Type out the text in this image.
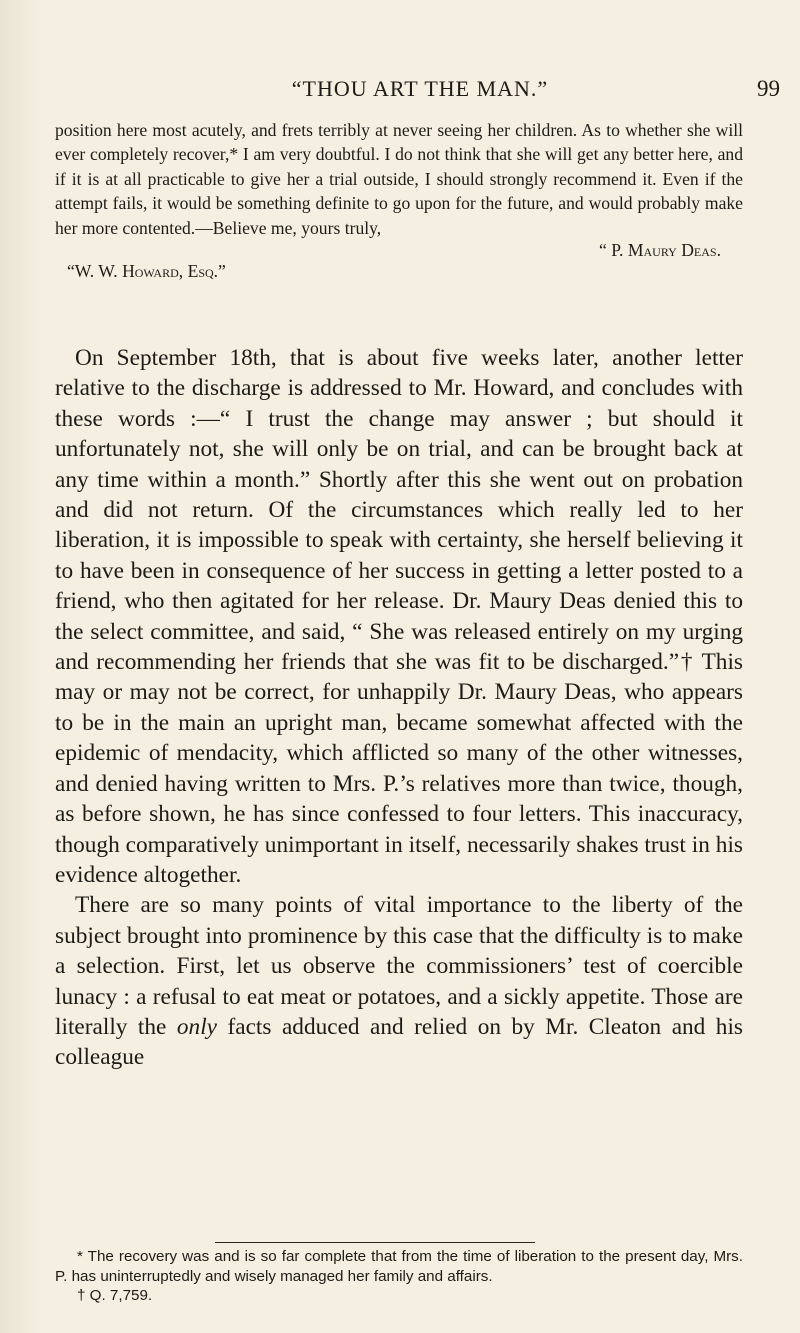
“THOU ART THE MAN.”	99

position here most acutely, and frets terribly at never seeing her children. As to whether she will ever completely recover,* I am very doubtful. I do not think that she will get any better here, and if it is at all practicable to give her a trial outside, I should strongly recommend it. Even if the attempt fails, it would be something definite to go upon for the future, and would probably make her more contented.—Believe me, yours truly,

“ P. Maury Deas.
“W. W. Howard, Esq.”

On September 18th, that is about five weeks later, another letter relative to the discharge is addressed to Mr. Howard, and concludes with these words :—“ I trust the change may answer ; but should it unfortunately not, she will only be on trial, and can be brought back at any time within a month.” Shortly after this she went out on probation and did not return. Of the circumstances which really led to her liberation, it is impossible to speak with certainty, she herself believing it to have been in consequence of her success in getting a letter posted to a friend, who then agitated for her release. Dr. Maury Deas denied this to the select committee, and said, “ She was released entirely on my urging and recommending her friends that she was fit to be discharged.”† This may or may not be correct, for unhappily Dr. Maury Deas, who appears to be in the main an upright man, became somewhat affected with the epidemic of mendacity, which afflicted so many of the other witnesses, and denied having written to Mrs. P.’s relatives more than twice, though, as before shown, he has since confessed to four letters. This inaccuracy, though comparatively unimportant in itself, necessarily shakes trust in his evidence altogether.

There are so many points of vital importance to the liberty of the subject brought into prominence by this case that the difficulty is to make a selection. First, let us observe the commissioners’ test of coercible lunacy : a refusal to eat meat or potatoes, and a sickly appetite. Those are literally the only facts adduced and relied on by Mr. Cleaton and his colleague

* The recovery was and is so far complete that from the time of liberation to the present day, Mrs. P. has uninterruptedly and wisely managed her family and affairs.

† Q. 7,759.
